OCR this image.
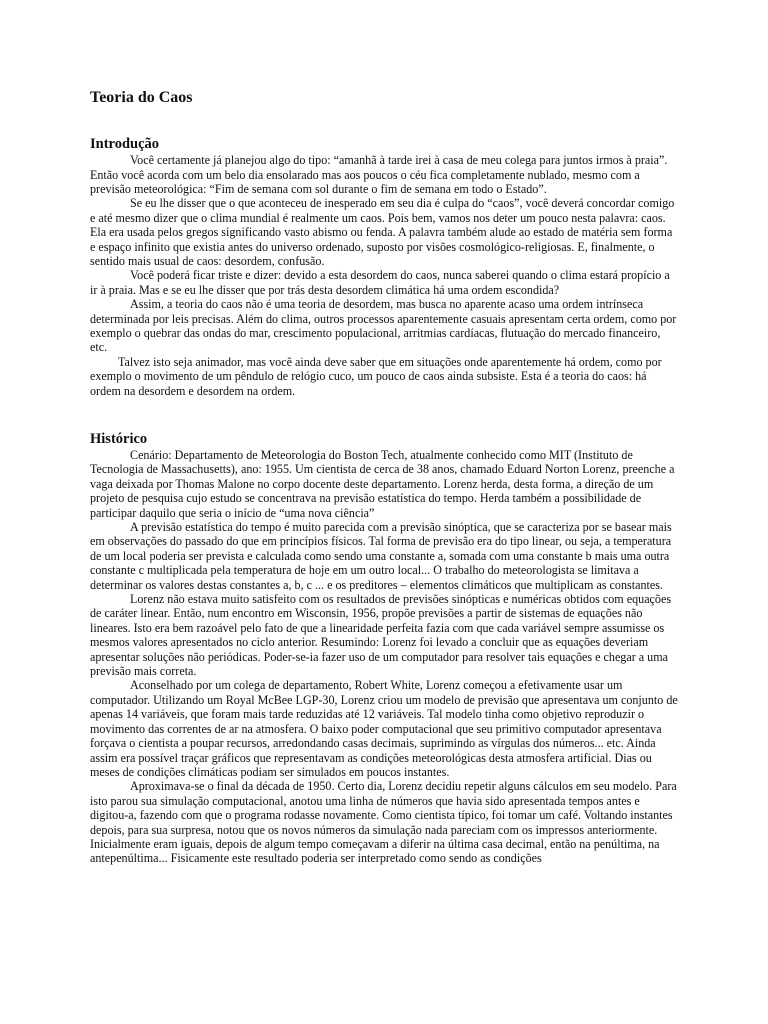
Teoria do Caos
Introdução

Você certamente já planejou algo do tipo: “amanhã à tarde irei à casa de meu colega para juntos irmos à praia”. Então você acorda com um belo dia ensolarado mas aos poucos o céu fica completamente nublado, mesmo com a previsão meteorológica: “Fim de semana com sol durante o fim de semana em todo o Estado”.

Se eu lhe disser que o que aconteceu de inesperado em seu dia é culpa do “caos”, você deverá concordar comigo e até mesmo dizer que o clima mundial é realmente um caos. Pois bem, vamos nos deter um pouco nesta palavra: caos. Ela era usada pelos gregos significando vasto abismo ou fenda. A palavra também alude ao estado de matéria sem forma e espaço infinito que existia antes do universo ordenado, suposto por visões cosmológico-religiosas. E, finalmente, o sentido mais usual de caos: desordem, confusão.

Você poderá ficar triste e dizer: devido a esta desordem do caos, nunca saberei quando o clima estará propício a ir à praia. Mas e se eu lhe disser que por trás desta desordem climática há uma ordem escondida?

Assim, a teoria do caos não é uma teoria de desordem, mas busca no aparente acaso uma ordem intrínseca determinada por leis precisas. Além do clima, outros processos aparentemente casuais apresentam certa ordem, como por exemplo o quebrar das ondas do mar, crescimento populacional, arritmias cardíacas, flutuação do mercado financeiro, etc.

Talvez isto seja animador, mas você ainda deve saber que em situações onde aparentemente há ordem, como por exemplo o movimento de um pêndulo de relógio cuco, um pouco de caos ainda subsiste. Esta é a teoria do caos: há ordem na desordem e desordem na ordem.

Histórico

Cenário: Departamento de Meteorologia do Boston Tech, atualmente conhecido como MIT (Instituto de Tecnologia de Massachusetts), ano: 1955. Um cientista de cerca de 38 anos, chamado Eduard Norton Lorenz, preenche a vaga deixada por Thomas Malone no corpo docente deste departamento. Lorenz herda, desta forma, a direção de um projeto de pesquisa cujo estudo se concentrava na previsão estatística do tempo. Herda também a possibilidade de participar daquilo que seria o início de “uma nova ciência”

A previsão estatística do tempo é muito parecida com a previsão sinóptica, que se caracteriza por se basear mais em observações do passado do que em princípios físicos. Tal forma de previsão era do tipo linear, ou seja, a temperatura de um local poderia ser prevista e calculada como sendo uma constante a, somada com uma constante b mais uma outra constante c multiplicada pela temperatura de hoje em um outro local... O trabalho do meteorologista se limitava a determinar os valores destas constantes a, b, c ... e os preditores – elementos climáticos que multiplicam as constantes.

Lorenz não estava muito satisfeito com os resultados de previsões sinópticas e numéricas obtidos com equações de caráter linear. Então, num encontro em Wisconsin, 1956, propõe previsões a partir de sistemas de equações não lineares. Isto era bem razoável pelo fato de que a linearidade perfeita fazia com que cada variável sempre assumisse os mesmos valores apresentados no ciclo anterior. Resumindo: Lorenz foi levado a concluir que as equações deveriam apresentar soluções não periódicas. Poder-se-ia fazer uso de um computador para resolver tais equações e chegar a uma previsão mais correta.

Aconselhado por um colega de departamento, Robert White, Lorenz começou a efetivamente usar um computador. Utilizando um Royal McBee LGP-30, Lorenz criou um modelo de previsão que apresentava um conjunto de apenas 14 variáveis, que foram mais tarde reduzidas até 12 variáveis. Tal modelo tinha como objetivo reproduzir o movimento das correntes de ar na atmosfera. O baixo poder computacional que seu primitivo computador apresentava forçava o cientista a poupar recursos, arredondando casas decimais, suprimindo as vírgulas dos números... etc. Ainda assim era possível traçar gráficos que representavam as condições meteorológicas desta atmosfera artificial. Dias ou meses de condições climáticas podiam ser simulados em poucos instantes.

Aproximava-se o final da década de 1950. Certo dia, Lorenz decidiu repetir alguns cálculos em seu modelo. Para isto parou sua simulação computacional, anotou uma linha de números que havia sido apresentada tempos antes e digitou-a, fazendo com que o programa rodasse novamente. Como cientista típico, foi tomar um café. Voltando instantes depois, para sua surpresa, notou que os novos números da simulação nada pareciam com os impressos anteriormente. Inicialmente eram iguais, depois de algum tempo começavam a diferir na última casa decimal, então na penúltima, na antepenúltima... Fisicamente este resultado poderia ser interpretado como sendo as condições
